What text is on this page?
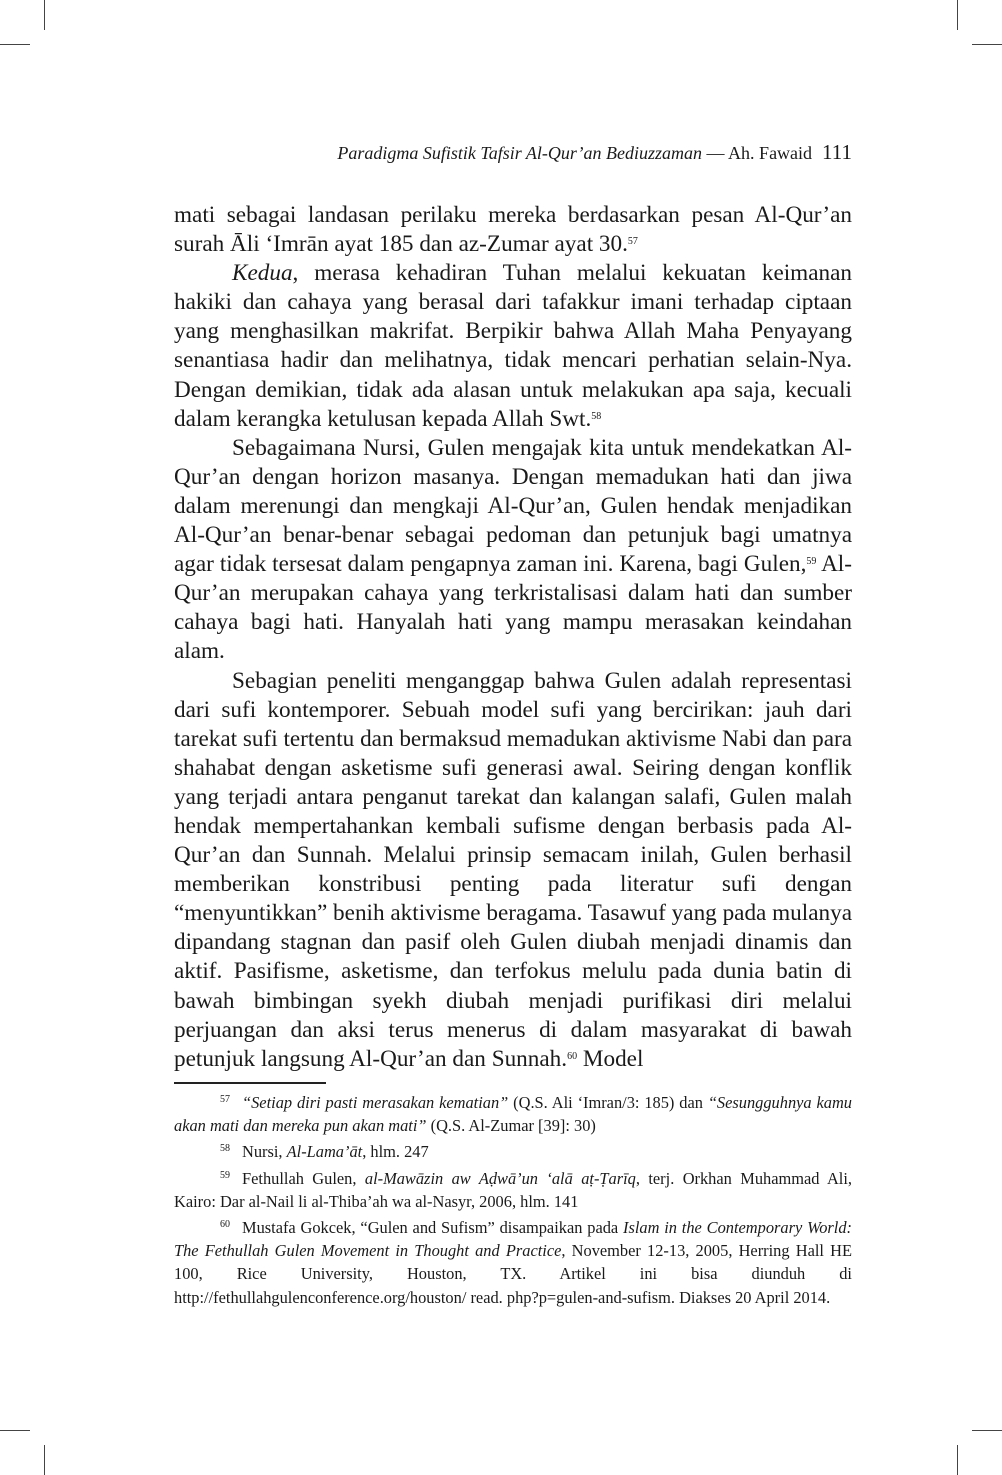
Paradigma Sufistik Tafsir Al-Qur’an Bediuzzaman — Ah. Fawaid 111

mati sebagai landasan perilaku mereka berdasarkan pesan Al-Qur’an surah Āli ‘Imrān ayat 185 dan az-Zumar ayat 30.57

Kedua, merasa kehadiran Tuhan melalui kekuatan keimanan hakiki dan cahaya yang berasal dari tafakkur imani terhadap ciptaan yang menghasilkan makrifat. Berpikir bahwa Allah Maha Penyayang senantiasa hadir dan melihatnya, tidak mencari perhatian selain-Nya. Dengan demikian, tidak ada alasan untuk melakukan apa saja, kecuali dalam kerangka ketulusan kepada Allah Swt.$^{58}$

Sebagaimana Nursi, Gulen mengajak kita untuk mendekatkan Al-Qur’an dengan horizon masanya. Dengan memadukan hati dan jiwa dalam merenungi dan mengkaji Al-Qur’an, Gulen hendak menjadikan Al-Qur’an benar-benar sebagai pedoman dan petunjuk bagi umatnya agar tidak tersesat dalam pengapnya zaman ini. Karena, bagi Gulen,$^{59}$ Al-Qur’an merupakan cahaya yang terkristalisasi dalam hati dan sumber cahaya bagi hati. Hanyalah hati yang mampu merasakan keindahan alam.

Sebagian peneliti menganggap bahwa Gulen adalah representasi dari sufi kontemporer. Sebuah model sufi yang bercirikan: jauh dari tarekat sufi tertentu dan bermaksud memadukan aktivisme Nabi dan para shahabat dengan asketisme sufi generasi awal. Seiring dengan konflik yang terjadi antara penganut tarekat dan kalangan salafi, Gulen malah hendak mempertahankan kembali sufisme dengan berbasis pada Al-Qur’an dan Sunnah. Melalui prinsip semacam inilah, Gulen berhasil memberikan konstribusi penting pada literatur sufi dengan “menyuntikkan” benih aktivisme beragama. Tasawuf yang pada mulanya dipandang stagnan dan pasif oleh Gulen diubah menjadi dinamis dan aktif. Pasifisme, asketisme, dan terfokus melulu pada dunia batin di bawah bimbingan syekh diubah menjadi purifikasi diri melalui perjuangan dan aksi terus menerus di dalam masyarakat di bawah petunjuk langsung Al-Qur’an dan Sunnah.$^{60}$ Model

$^{57}$ “Setiap diri pasti merasakan kematian” (Q.S. Ali ‘Imran/3: 185) dan “Sesungguhnya kamu akan mati dan mereka pun akan mati” (Q.S. Al-Zumar [39]: 30)

$^{58}$ Nursi, Al-Lama’āt, hlm. 247

$^{59}$ Fethullah Gulen, al-Mawāzin aw Aḍwā’un ‘alā aṭ-Ṭarīq, terj. Orkhan Muhammad Ali, Kairo: Dar al-Nail li al-Thiba’ah wa al-Nasyr, 2006, hlm. 141

$^{60}$ Mustafa Gokcek, “Gulen and Sufism” disampaikan pada Islam in the Contemporary World: The Fethullah Gulen Movement in Thought and Practice, November 12-13, 2005, Herring Hall HE 100, Rice University, Houston, TX. Artikel ini bisa diunduh di http://fethullahgulenconference.org/houston/ read. php?p=gulen-and-sufism. Diakses 20 April 2014.
